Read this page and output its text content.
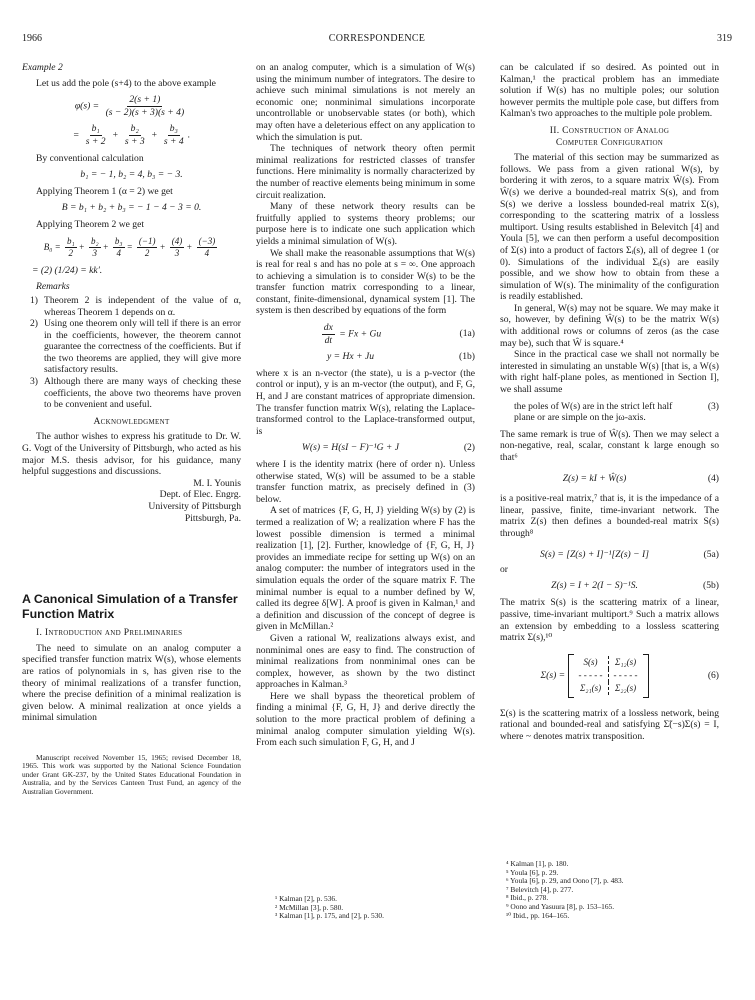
1966	CORRESPONDENCE	319
Example 2

Let us add the pole (s+4) to the above example

$\varphi(s) = \frac{2(s + 1)}{(s - 2)(s + 3)(s + 4)}$
= $\frac{\text{b₁}}{s + 2} + \frac{\text{b₂}}{s + 3} + \frac{\text{b₃}}{s + 4}$ .

By conventional calculation

b₁ = − 1, b₂ = 4, b₃ = − 3.

Applying Theorem 1 (α = 2) we get

B = b₁ + b₂ + b₃ = − 1 − 4 − 3 = 0.

Applying Theorem 2 we get

$B_0 = \frac{\text{b₁}}{2} + \frac{\text{b₂}}{3} + \frac{\text{b₃}}{4} = \frac{(-1)}{2} + \frac{(4)}{3} + \frac{(-3)}{4}$
= (2) (1/24) = kk′.
Remarks
1) Theorem 2 is independent of the value of α, whereas Theorem 1 depends on α.
2) Using one theorem only will tell if there is an error in the coefficients, however, the theorem cannot guarantee the correctness of the coefficients. But if the two theorems are applied, they will give more satisfactory results.
3) Although there are many ways of checking these coefficients, the above two theorems have proven to be convenient and useful.
Acknowledgment

The author wishes to express his gratitude to Dr. W. G. Vogt of the University of Pittsburgh, who acted as his major M.S. thesis advisor, for his guidance, many helpful suggestions and discussions.

M. I. Younis
Dept. of Elec. Engrg.
University of Pittsburgh
Pittsburgh, Pa.
A Canonical Simulation of a Transfer Function Matrix
I. Introduction and Preliminaries

The need to simulate on an analog computer a specified transfer function matrix W(s), whose elements are ratios of polynomials in s, has given rise to the theory of minimal realizations of a transfer function, where the precise definition of a minimal realization is given below. A minimal realization at once yields a minimal simulation

Manuscript received November 15, 1965; revised December 18, 1965. This work was supported by the National Science Foundation under Grant GK-237, by the United States Educational Foundation in Australia, and by the Services Canteen Trust Fund, an agency of the Australian Government.

on an analog computer, which is a simulation of W(s) using the minimum number of integrators. The desire to achieve such minimal simulations is not merely an economic one; nonminimal simulations incorporate uncontrollable or unobservable states (or both), which may often have a deleterious effect on any application to which the simulation is put.

The techniques of network theory often permit minimal realizations for restricted classes of transfer functions. Here minimality is normally characterized by the number of reactive elements being minimum in some circuit realization.

Many of these network theory results can be fruitfully applied to systems theory problems; our purpose here is to indicate one such application which yields a minimal simulation of W(s).

We shall make the reasonable assumptions that W(s) is real for real s and has no pole at s = ∞. One approach to achieving a simulation is to consider W(s) to be the transfer function matrix corresponding to a linear, constant, finite-dimensional, dynamical system [1]. The system is then described by equations of the form

$\frac{dx}{dt} = Fx + Gu$	(1a)
y = Hx + Ju	(1b)

where x is an n-vector (the state), u is a p-vector (the control or input), y is an m-vector (the output), and F, G, H, and J are constant matrices of appropriate dimension. The transfer function matrix W(s), relating the Laplace-transformed control to the Laplace-transformed output, is

W(s) = H(sI − F)⁻¹G + J	(2)

where I is the identity matrix (here of order n). Unless otherwise stated, W(s) will be assumed to be a stable transfer function matrix, as precisely defined in (3) below.

A set of matrices {F, G, H, J} yielding W(s) by (2) is termed a realization of W; a realization where F has the lowest possible dimension is termed a minimal realization [1], [2]. Further, knowledge of {F, G, H, J} provides an immediate recipe for setting up W(s) on an analog computer: the number of integrators used in the simulation equals the order of the square matrix F. The minimal number is equal to a number defined by W, called its degree δ[W]. A proof is given in Kalman,¹ and a definition and discussion of the concept of degree is given in McMillan.²

Given a rational W, realizations always exist, and nonminimal ones are easy to find. The construction of minimal realizations from nonminimal ones can be complex, however, as shown by the two distinct approaches in Kalman.³

Here we shall bypass the theoretical problem of finding a minimal {F, G, H, J} and derive directly the solution to the more practical problem of defining a minimal analog computer simulation yielding W(s). From each such simulation F, G, H, and J

¹ Kalman [2], p. 536.
² McMillan [3], p. 580.
³ Kalman [1], p. 175, and [2], p. 530.

can be calculated if so desired. As pointed out in Kalman,¹ the practical problem has an immediate solution if W(s) has no multiple poles; our solution however permits the multiple pole case, but differs from Kalman's two approaches to the multiple pole problem.

II. Construction of Analog
Computer Configuration

The material of this section may be summarized as follows. We pass from a given rational W(s), by bordering it with zeros, to a square matrix Ŵ(s). From Ŵ(s) we derive a bounded-real matrix S(s), and from S(s) we derive a lossless bounded-real matrix Σ(s), corresponding to the scattering matrix of a lossless multiport. Using results established in Belevitch [4] and Youla [5], we can then perform a useful decomposition of Σ(s) into a product of factors Σᵢ(s), all of degree 1 (or 0). Simulations of the individual Σᵢ(s) are easily possible, and we show how to obtain from these a simulation of W(s). The minimality of the configuration is readily established.

In general, W(s) may not be square. We may make it so, however, by defining Ŵ(s) to be the matrix W(s) with additional rows or columns of zeros (as the case may be), such that Ŵ is square.⁴

Since in the practical case we shall not normally be interested in simulating an unstable W(s) [that is, a W(s) with right half-plane poles, as mentioned in Section I], we shall assume

the poles of W(s) are in the strict left half plane or are simple on the jω-axis.
(3)

The same remark is true of Ŵ(s). Then we may select a non-negative, real, scalar, constant k large enough so that⁶

Z(s) = kI + Ŵ(s)	(4)

is a positive-real matrix,⁷ that is, it is the impedance of a linear, passive, finite, time-invariant network. The matrix Z(s) then defines a bounded-real matrix S(s) through⁸

S(s) = [Z(s) + I]⁻¹[Z(s) − I]	(5a)

or

Z(s) = I + 2(I − S)⁻¹S.	(5b)

The matrix S(s) is the scattering matrix of a linear, passive, time-invariant multiport.⁹ Such a matrix allows an extension by embedding to a lossless scattering matrix Σ(s),¹⁰

Σ(s) =
S(s)	Σ₁₂(s)
- - - - -	- - - - -
Σ₂₁(s)	Σ₂₂(s)
(6)

Σ(s) is the scattering matrix of a lossless network, being rational and bounded-real and satisfying Σ̃(−s)Σ(s) = I, where ~ denotes matrix transposition.

⁴ Kalman [1], p. 180.
⁵ Youla [6], p. 29.
⁶ Youla [6], p. 29, and Oono [7], p. 483.
⁷ Belevitch [4], p. 277.
⁸ Ibid., p. 278.
⁹ Oono and Yasuura [8], p. 153–165.
¹⁰ Ibid., pp. 164–165.
